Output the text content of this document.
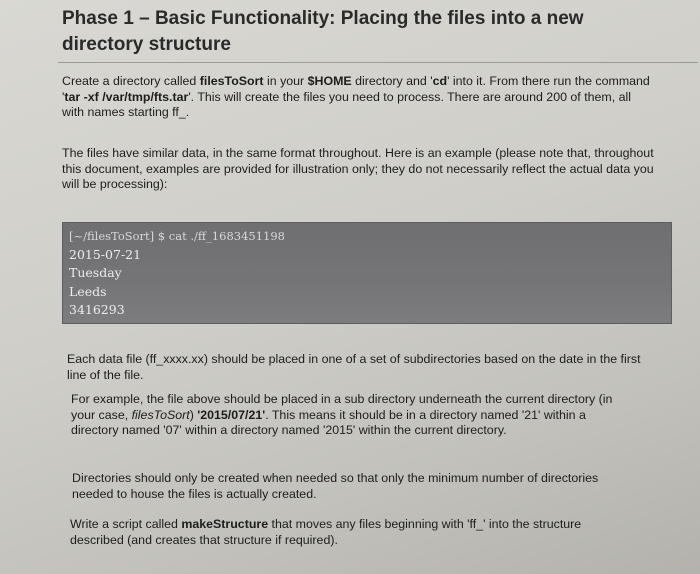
Phase 1 – Basic Functionality: Placing the files into a new
directory structure

Create a directory called filesToSort in your $HOME directory and 'cd' into it. From there run the command 'tar -xf /var/tmp/fts.tar'. This will create the files you need to process. There are around 200 of them, all with names starting ff_.

The files have similar data, in the same format throughout. Here is an example (please note that, throughout this document, examples are provided for illustration only; they do not necessarily reflect the actual data you will be processing):

[~/filesToSort] $ cat ./ff_1683451198

2015-07-21

Tuesday

Leeds

3416293

Each data file (ff_xxxx.xx) should be placed in one of a set of subdirectories based on the date in the first line of the file.

For example, the file above should be placed in a sub directory underneath the current directory (in your case, filesToSort) '2015/07/21'. This means it should be in a directory named '21' within a directory named '07' within a directory named '2015' within the current directory.

Directories should only be created when needed so that only the minimum number of directories needed to house the files is actually created.

Write a script called makeStructure that moves any files beginning with 'ff_' into the structure described (and creates that structure if required).
